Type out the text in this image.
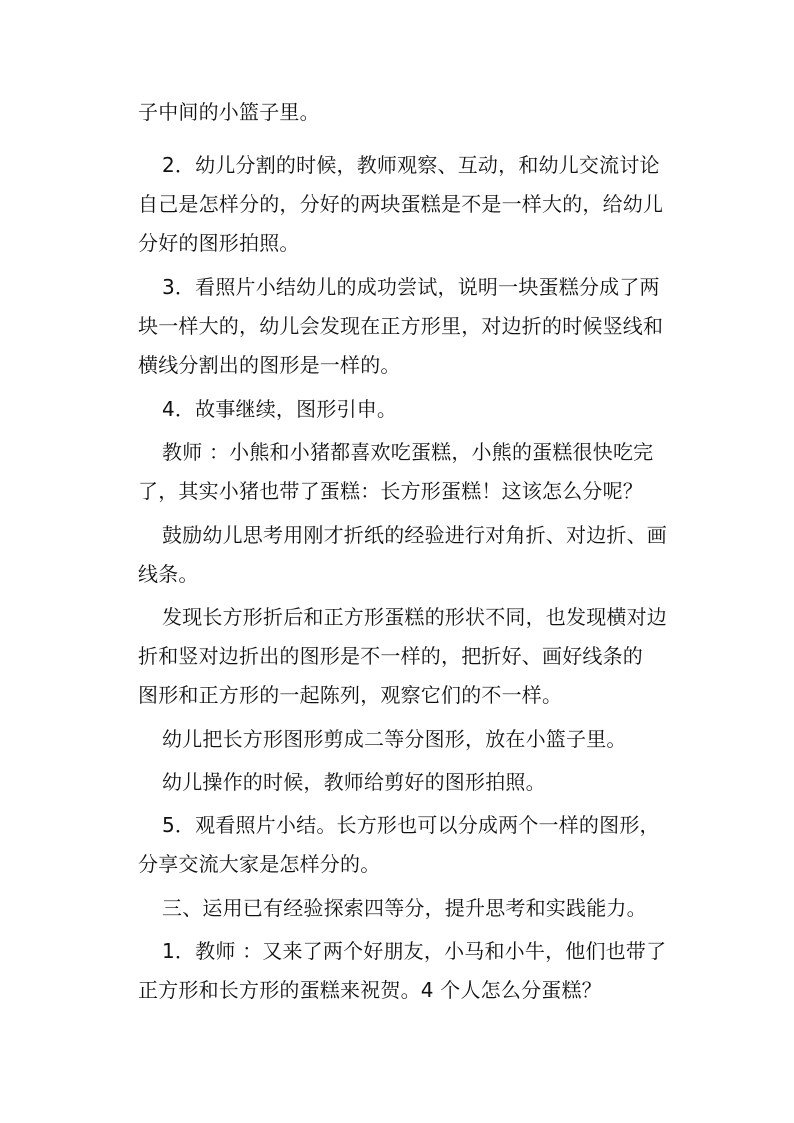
子中间的小篮子里。
2．幼儿分割的时候，教师观察、互动，和幼儿交流讨论
自己是怎样分的，分好的两块蛋糕是不是一样大的，给幼儿
分好的图形拍照。
3．看照片小结幼儿的成功尝试，说明一块蛋糕分成了两
块一样大的，幼儿会发现在正方形里，对边折的时候竖线和
横线分割出的图形是一样的。
4．故事继续，图形引申。
教师 ：小熊和小猪都喜欢吃蛋糕，小熊的蛋糕很快吃完
了，其实小猪也带了蛋糕：长方形蛋糕！这该怎么分呢？
鼓励幼儿思考用刚才折纸的经验进行对角折、对边折、画
线条。
发现长方形折后和正方形蛋糕的形状不同，也发现横对边
折和竖对边折出的图形是不一样的，把折好、画好线条的
图形和正方形的一起陈列，观察它们的不一样。
幼儿把长方形图形剪成二等分图形，放在小篮子里。
幼儿操作的时候，教师给剪好的图形拍照。
5．观看照片小结。长方形也可以分成两个一样的图形，
分享交流大家是怎样分的。
三、运用已有经验探索四等分，提升思考和实践能力。
1．教师 ：又来了两个好朋友，小马和小牛，他们也带了
正方形和长方形的蛋糕来祝贺。4 个人怎么分蛋糕？
